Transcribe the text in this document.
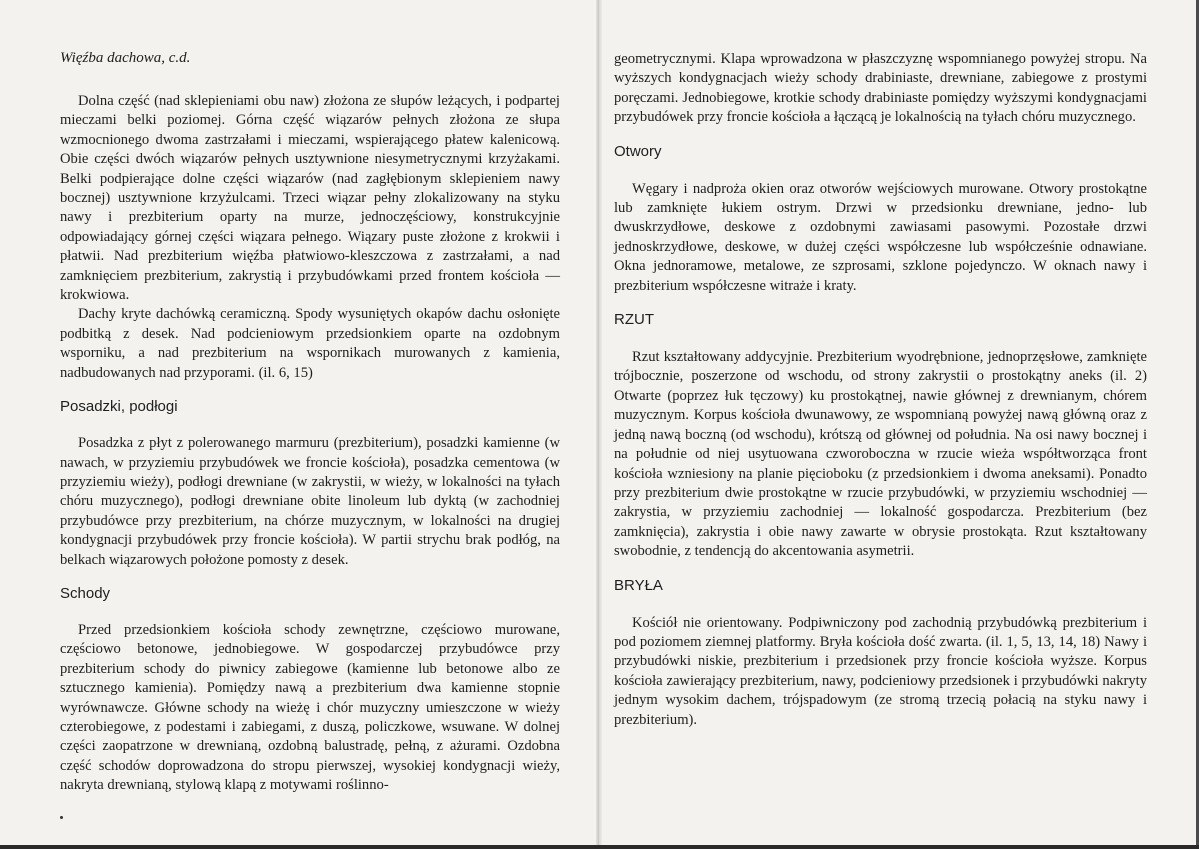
Więźba dachowa, c.d.

Dolna część (nad sklepieniami obu naw) złożona ze słupów leżących, i podpartej mieczami belki poziomej. Górna część wiązarów pełnych złożona ze słupa wzmocnionego dwoma zastrzałami i mieczami, wspierającego płatew kalenicową. Obie części dwóch wiązarów pełnych usztywnione niesymetrycznymi krzyżakami. Belki podpierające dolne części wiązarów (nad zagłębionym sklepieniem nawy bocznej) usztywnione krzyżulcami. Trzeci wiązar pełny zlokalizowany na styku nawy i prezbiterium oparty na murze, jednoczęściowy, konstrukcyjnie odpowiadający górnej części wiązara pełnego. Wiązary puste złożone z krokwii i płatwii. Nad prezbiterium więźba płatwiowo-kleszczowa z zastrzałami, a nad zamknięciem prezbiterium, zakrystią i przybudówkami przed frontem kościoła — krokwiowa.

Dachy kryte dachówką ceramiczną. Spody wysuniętych okapów dachu osłonięte podbitką z desek. Nad podcieniowym przedsionkiem oparte na ozdobnym wsporniku, a nad prezbiterium na wspornikach murowanych z kamienia, nadbudowanych nad przyporami. (il. 6, 15)

Posadzki, podłogi

Posadzka z płyt z polerowanego marmuru (prezbiterium), posadzki kamienne (w nawach, w przyziemiu przybudówek we froncie kościoła), posadzka cementowa (w przyziemiu wieży), podłogi drewniane (w zakrystii, w wieży, w lokalności na tyłach chóru muzycznego), podłogi drewniane obite linoleum lub dyktą (w zachodniej przybudówce przy prezbiterium, na chórze muzycznym, w lokalności na drugiej kondygnacji przybudówek przy froncie kościoła). W partii strychu brak podłóg, na belkach wiązarowych położone pomosty z desek.

Schody

Przed przedsionkiem kościoła schody zewnętrzne, częściowo murowane, częściowo betonowe, jednobiegowe. W gospodarczej przybudówce przy prezbiterium schody do piwnicy zabiegowe (kamienne lub betonowe albo ze sztucznego kamienia). Pomiędzy nawą a prezbiterium dwa kamienne stopnie wyrównawcze. Główne schody na wieżę i chór muzyczny umieszczone w wieży czterobiegowe, z podestami i zabiegami, z duszą, policzkowe, wsuwane. W dolnej części zaopatrzone w drewnianą, ozdobną balustradę, pełną, z ażurami. Ozdobna część schodów doprowadzona do stropu pierwszej, wysokiej kondygnacji wieży, nakryta drewnianą, stylową klapą z motywami roślinno-

geometrycznymi. Klapa wprowadzona w płaszczyznę wspomnianego powyżej stropu. Na wyższych kondygnacjach wieży schody drabiniaste, drewniane, zabiegowe z prostymi poręczami. Jednobiegowe, krotkie schody drabiniaste pomiędzy wyższymi kondygnacjami przybudówek przy froncie kościoła a łączącą je lokalnością na tyłach chóru muzycznego.

Otwory

Węgary i nadproża okien oraz otworów wejściowych murowane. Otwory prostokątne lub zamknięte łukiem ostrym. Drzwi w przedsionku drewniane, jedno- lub dwuskrzydłowe, deskowe z ozdobnymi zawiasami pasowymi. Pozostałe drzwi jednoskrzydłowe, deskowe, w dużej części współczesne lub współcześnie odnawiane. Okna jednoramowe, metalowe, ze szprosami, szklone pojedynczo. W oknach nawy i prezbiterium współczesne witraże i kraty.

RZUT

Rzut kształtowany addycyjnie. Prezbiterium wyodrębnione, jednoprzęsłowe, zamknięte trójbocznie, poszerzone od wschodu, od strony zakrystii o prostokątny aneks (il. 2) Otwarte (poprzez łuk tęczowy) ku prostokątnej, nawie głównej z drewnianym, chórem muzycznym. Korpus kościoła dwunawowy, ze wspomnianą powyżej nawą główną oraz z jedną nawą boczną (od wschodu), krótszą od głównej od południa. Na osi nawy bocznej i na południe od niej usytuowana czworoboczna w rzucie wieża współtworząca front kościoła wzniesiony na planie pięcioboku (z przedsionkiem i dwoma aneksami). Ponadto przy prezbiterium dwie prostokątne w rzucie przybudówki, w przyziemiu wschodniej — zakrystia, w przyziemiu zachodniej — lokalność gospodarcza. Prezbiterium (bez zamknięcia), zakrystia i obie nawy zawarte w obrysie prostokąta. Rzut kształtowany swobodnie, z tendencją do akcentowania asymetrii.

BRYŁA

Kościół nie orientowany. Podpiwniczony pod zachodnią przybudówką prezbiterium i pod poziomem ziemnej platformy. Bryła kościoła dość zwarta. (il. 1, 5, 13, 14, 18) Nawy i przybudówki niskie, prezbiterium i przedsionek przy froncie kościoła wyższe. Korpus kościoła zawierający prezbiterium, nawy, podcieniowy przedsionek i przybudówki nakryty jednym wysokim dachem, trójspadowym (ze stromą trzecią połacią na styku nawy i prezbiterium).
